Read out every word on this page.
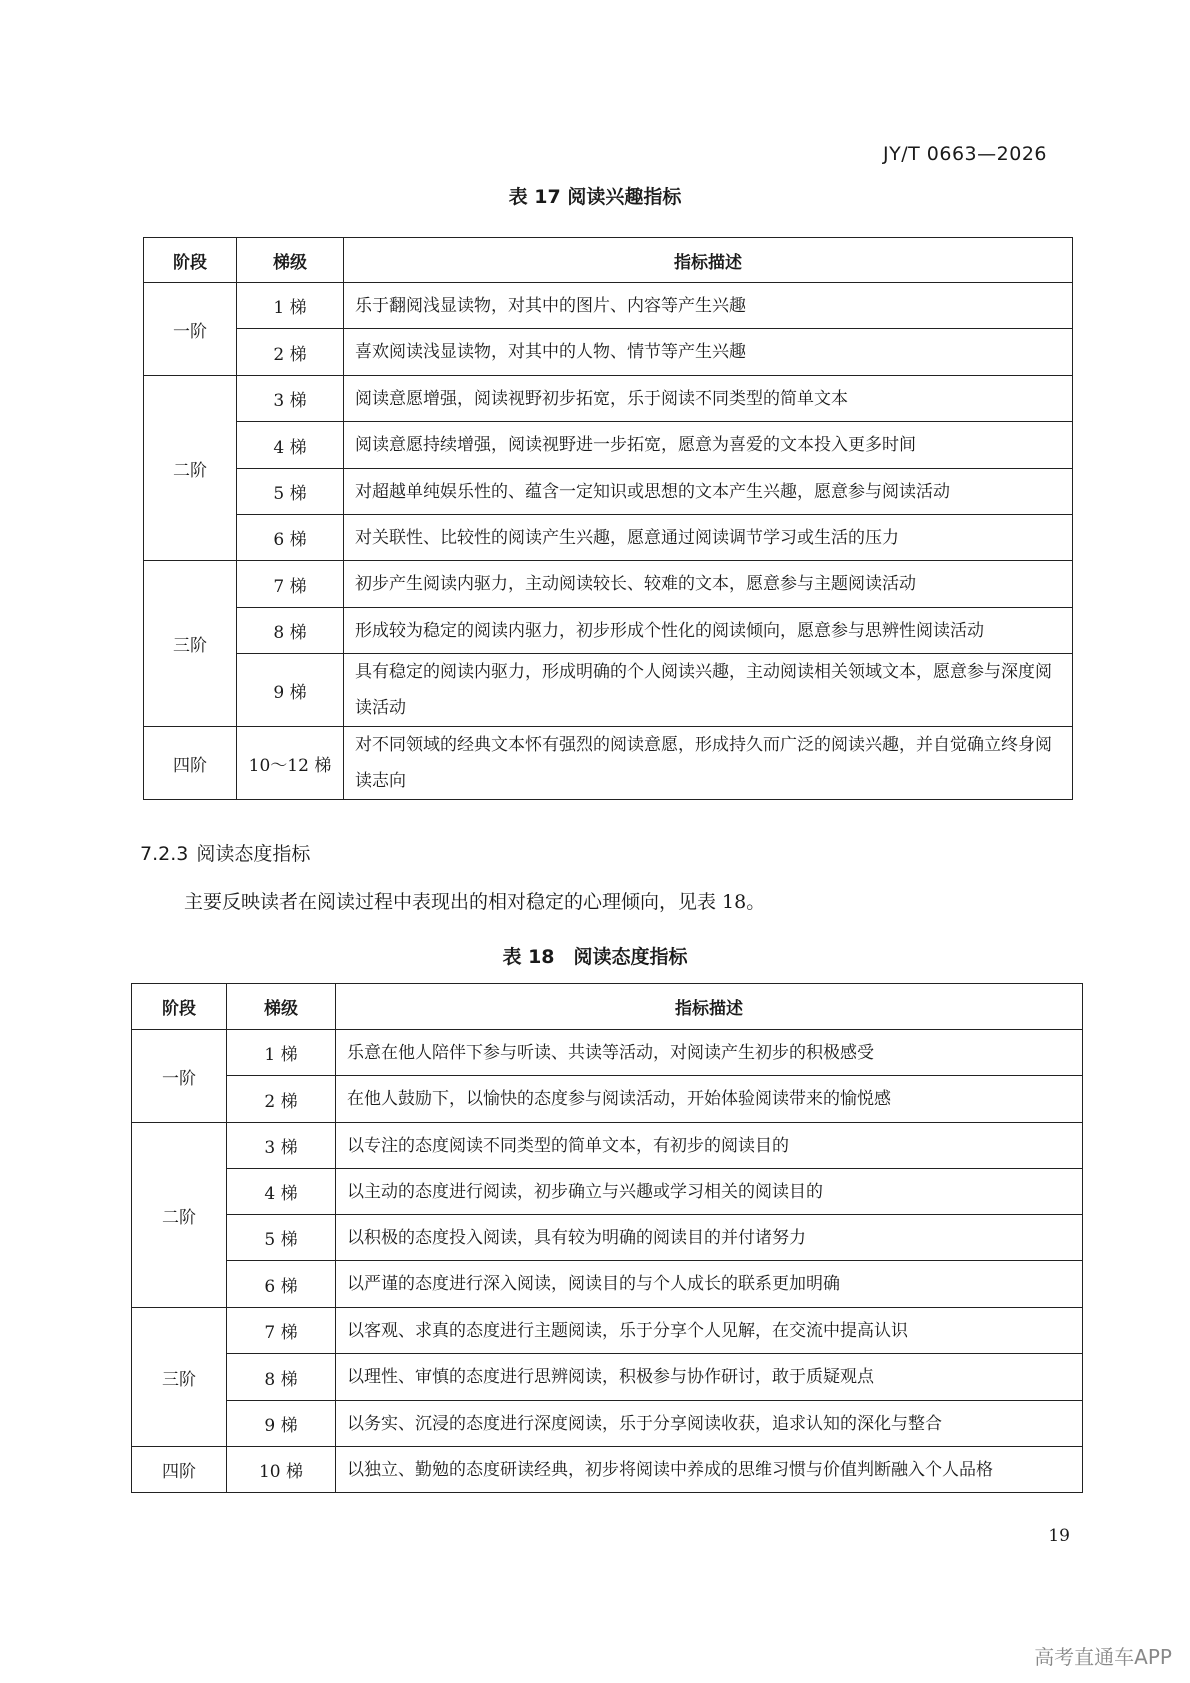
JY/T 0663—2026
表 17 阅读兴趣指标
阶段	梯级	指标描述
一阶	1 梯	乐于翻阅浅显读物，对其中的图片、内容等产生兴趣
	2 梯	喜欢阅读浅显读物，对其中的人物、情节等产生兴趣
二阶	3 梯	阅读意愿增强，阅读视野初步拓宽，乐于阅读不同类型的简单文本
	4 梯	阅读意愿持续增强，阅读视野进一步拓宽，愿意为喜爱的文本投入更多时间
	5 梯	对超越单纯娱乐性的、蕴含一定知识或思想的文本产生兴趣，愿意参与阅读活动
	6 梯	对关联性、比较性的阅读产生兴趣，愿意通过阅读调节学习或生活的压力
三阶	7 梯	初步产生阅读内驱力，主动阅读较长、较难的文本，愿意参与主题阅读活动
	8 梯	形成较为稳定的阅读内驱力，初步形成个性化的阅读倾向，愿意参与思辨性阅读活动
	9 梯	具有稳定的阅读内驱力，形成明确的个人阅读兴趣，主动阅读相关领域文本，愿意参与深度阅读活动
四阶	10～12 梯	对不同领域的经典文本怀有强烈的阅读意愿，形成持久而广泛的阅读兴趣，并自觉确立终身阅读志向
7.2.3 阅读态度指标
主要反映读者在阅读过程中表现出的相对稳定的心理倾向，见表 18。
表 18　阅读态度指标
阶段	梯级	指标描述
一阶	1 梯	乐意在他人陪伴下参与听读、共读等活动，对阅读产生初步的积极感受
	2 梯	在他人鼓励下，以愉快的态度参与阅读活动，开始体验阅读带来的愉悦感
二阶	3 梯	以专注的态度阅读不同类型的简单文本，有初步的阅读目的
	4 梯	以主动的态度进行阅读，初步确立与兴趣或学习相关的阅读目的
	5 梯	以积极的态度投入阅读，具有较为明确的阅读目的并付诸努力
	6 梯	以严谨的态度进行深入阅读，阅读目的与个人成长的联系更加明确
三阶	7 梯	以客观、求真的态度进行主题阅读，乐于分享个人见解，在交流中提高认识
	8 梯	以理性、审慎的态度进行思辨阅读，积极参与协作研讨，敢于质疑观点
	9 梯	以务实、沉浸的态度进行深度阅读，乐于分享阅读收获，追求认知的深化与整合
四阶	10 梯	以独立、勤勉的态度研读经典，初步将阅读中养成的思维习惯与价值判断融入个人品格
19
高考直通车APP
